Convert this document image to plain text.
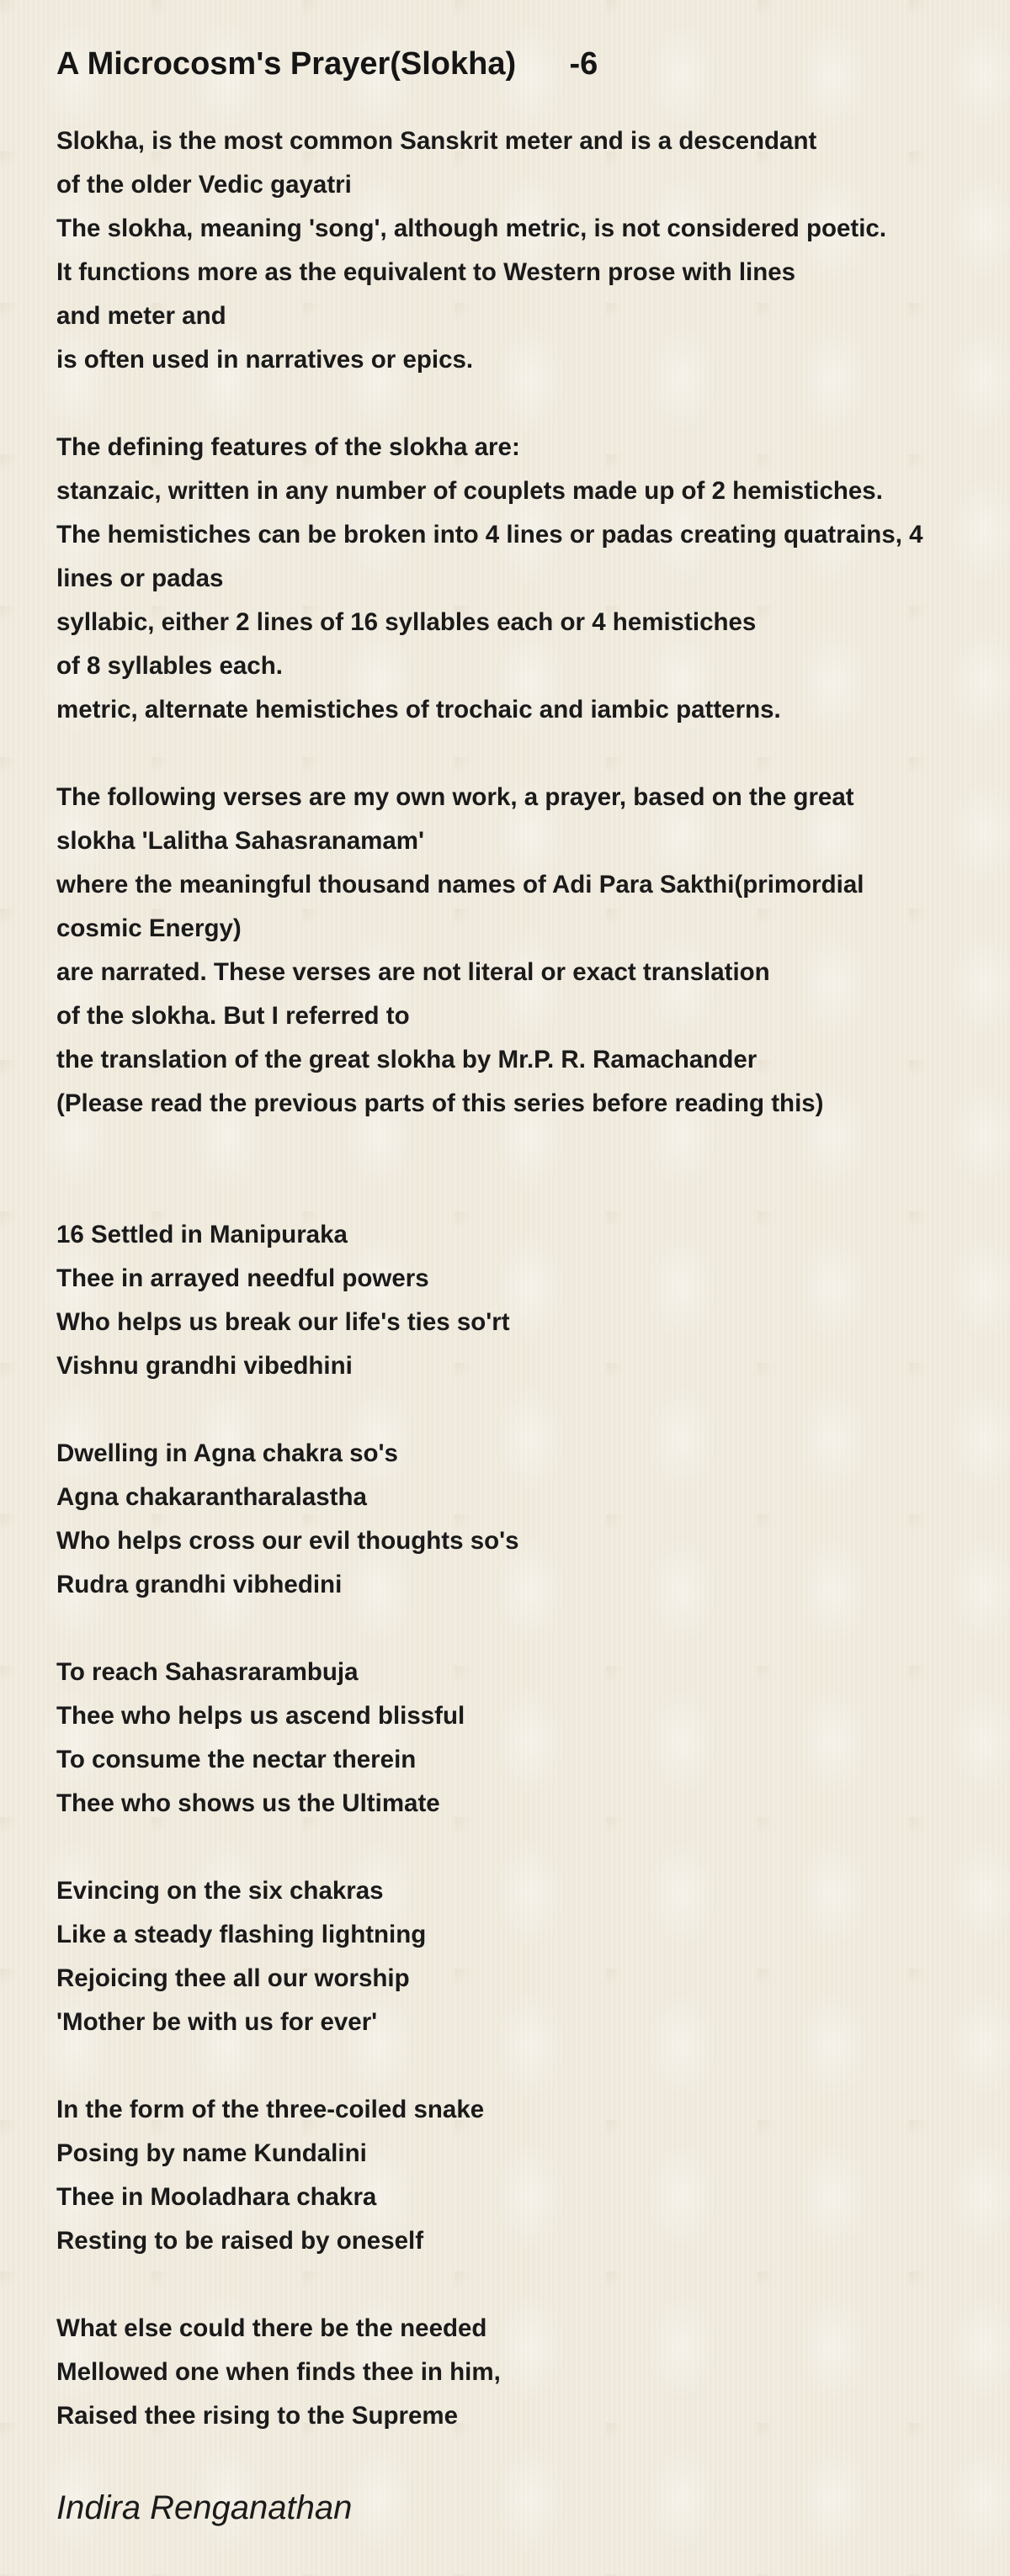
A Microcosm's Prayer(Slokha)      -6
Slokha, is the most common Sanskrit meter and is a descendant
of the older Vedic gayatri
The slokha, meaning 'song', although metric, is not considered poetic.
It functions more as the equivalent to Western prose with lines
and meter and
is often used in narratives or epics.
The defining features of the slokha are:
stanzaic, written in any number of couplets made up of 2 hemistiches.
The hemistiches can be broken into 4 lines or padas creating quatrains, 4
lines or padas
syllabic, either 2 lines of 16 syllables each or 4 hemistiches
of 8 syllables each.
metric, alternate hemistiches of trochaic and iambic patterns.
The following verses are my own work, a prayer, based on the great
slokha 'Lalitha Sahasranamam'
where the meaningful thousand names of Adi Para Sakthi(primordial
cosmic Energy)
are narrated. These verses are not literal or exact translation
of the slokha. But I referred to
the translation of the great slokha by Mr.P. R. Ramachander
(Please read the previous parts of this series before reading this)
16 Settled in Manipuraka
Thee in arrayed needful powers
Who helps us break our life's ties so'rt
Vishnu grandhi vibedhini
Dwelling in Agna chakra so's
Agna chakarantharalastha
Who helps cross our evil thoughts so's
Rudra grandhi vibhedini
To reach Sahasrarambuja
Thee who helps us ascend blissful
To consume the nectar therein
Thee who shows us the Ultimate
Evincing on the six chakras
Like a steady flashing lightning
Rejoicing thee all our worship
'Mother be with us for ever'
In the form of the three-coiled snake
Posing by name Kundalini
Thee in Mooladhara chakra
Resting to be raised by oneself
What else could there be the needed
Mellowed one when finds thee in him,
Raised thee rising to the Supreme

Indira Renganathan
